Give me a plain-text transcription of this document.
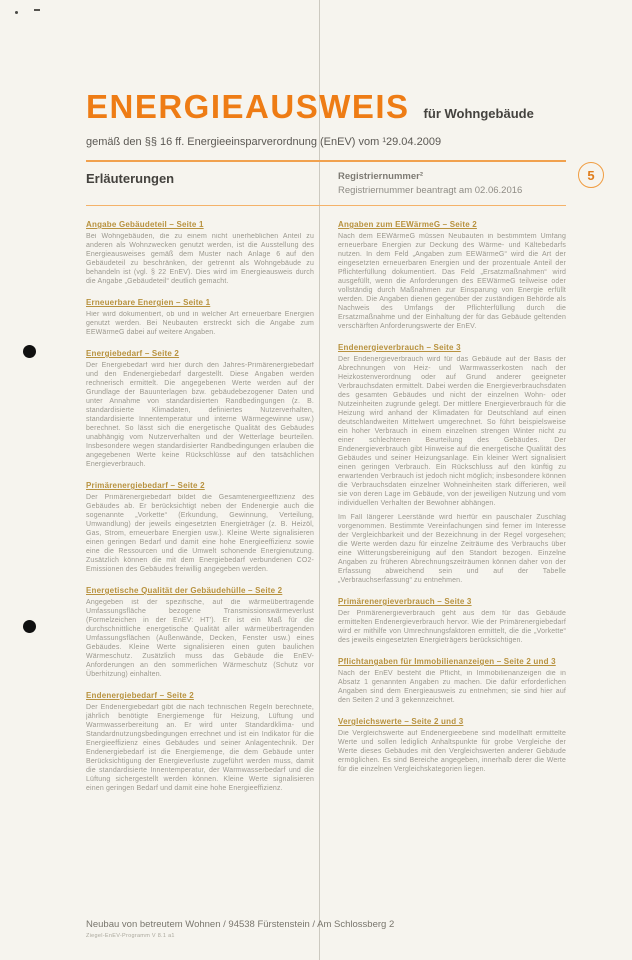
5
ENERGIEAUSWEIS für Wohngebäude
gemäß den §§ 16 ff. Energieeinsparverordnung (EnEV) vom ¹29.04.2009
Erläuterungen	Registriernummer²
Registriernummer beantragt am 02.06.2016
Angabe Gebäudeteil – Seite 1

Bei Wohngebäuden, die zu einem nicht unerheblichen Anteil zu anderen als Wohnzwecken genutzt werden, ist die Ausstellung des Energieausweises gemäß dem Muster nach Anlage 6 auf den Gebäudeteil zu beschränken, der getrennt als Wohngebäude zu behandeln ist (vgl. § 22 EnEV). Dies wird im Energieausweis durch die Angabe „Gebäudeteil“ deutlich gemacht.

Erneuerbare Energien – Seite 1

Hier wird dokumentiert, ob und in welcher Art erneuerbare Energien genutzt werden. Bei Neubauten erstreckt sich die Angabe zum EEWärmeG dabei auf weitere Angaben.

Energiebedarf – Seite 2

Der Energiebedarf wird hier durch den Jahres-Primärenergiebedarf und den Endenergiebedarf dargestellt. Diese Angaben werden rechnerisch ermittelt. Die angegebenen Werte werden auf der Grundlage der Bauunterlagen bzw. gebäudebezogener Daten und unter Annahme von standardisierten Randbedingungen (z. B. standardisierte Klimadaten, definiertes Nutzerverhalten, standardisierte Innentemperatur und interne Wärmegewinne usw.) berechnet. So lässt sich die energetische Qualität des Gebäudes unabhängig vom Nutzerverhalten und der Wetterlage beurteilen. Insbesondere wegen standardisierter Randbedingungen erlauben die angegebenen Werte keine Rückschlüsse auf den tatsächlichen Energieverbrauch.

Primärenergiebedarf – Seite 2

Der Primärenergiebedarf bildet die Gesamtenergieeffizienz des Gebäudes ab. Er berücksichtigt neben der Endenergie auch die sogenannte „Vorkette“ (Erkundung, Gewinnung, Verteilung, Umwandlung) der jeweils eingesetzten Energieträger (z. B. Heizöl, Gas, Strom, erneuerbare Energien usw.). Kleine Werte signalisieren einen geringen Bedarf und damit eine hohe Energieeffizienz sowie eine die Ressourcen und die Umwelt schonende Energienutzung. Zusätzlich können die mit dem Energiebedarf verbundenen CO2-Emissionen des Gebäudes freiwillig angegeben werden.

Energetische Qualität der Gebäudehülle – Seite 2

Angegeben ist der spezifische, auf die wärmeübertragende Umfassungsfläche bezogene Transmissionswärmeverlust (Formelzeichen in der EnEV: HT'). Er ist ein Maß für die durchschnittliche energetische Qualität aller wärmeübertragenden Umfassungsflächen (Außenwände, Decken, Fenster usw.) eines Gebäudes. Kleine Werte signalisieren einen guten baulichen Wärmeschutz. Zusätzlich muss das Gebäude die EnEV-Anforderungen an den sommerlichen Wärmeschutz (Schutz vor Überhitzung) einhalten.

Endenergiebedarf – Seite 2

Der Endenergiebedarf gibt die nach technischen Regeln berechnete, jährlich benötigte Energiemenge für Heizung, Lüftung und Warmwasserbereitung an. Er wird unter Standardklima- und Standardnutzungsbedingungen errechnet und ist ein Indikator für die Energieeffizienz eines Gebäudes und seiner Anlagentechnik. Der Endenergiebedarf ist die Energiemenge, die dem Gebäude unter Berücksichtigung der Energieverluste zugeführt werden muss, damit die standardisierte Innentemperatur, der Warmwasserbedarf und die Lüftung sichergestellt werden können. Kleine Werte signalisieren einen geringen Bedarf und damit eine hohe Energieeffizienz.

Angaben zum EEWärmeG – Seite 2

Nach dem EEWärmeG müssen Neubauten in bestimmtem Umfang erneuerbare Energien zur Deckung des Wärme- und Kältebedarfs nutzen. In dem Feld „Angaben zum EEWärmeG“ wird die Art der eingesetzten erneuerbaren Energien und der prozentuale Anteil der Pflichterfüllung dokumentiert. Das Feld „Ersatzmaßnahmen“ wird ausgefüllt, wenn die Anforderungen des EEWärmeG teilweise oder vollständig durch Maßnahmen zur Einsparung von Energie erfüllt werden. Die Angaben dienen gegenüber der zuständigen Behörde als Nachweis des Umfangs der Pflichterfüllung durch die Ersatzmaßnahme und der Einhaltung der für das Gebäude geltenden verschärften Anforderungswerte der EnEV.

Endenergieverbrauch – Seite 3

Der Endenergieverbrauch wird für das Gebäude auf der Basis der Abrechnungen von Heiz- und Warmwasserkosten nach der Heizkostenverordnung oder auf Grund anderer geeigneter Verbrauchsdaten ermittelt. Dabei werden die Energieverbrauchsdaten des gesamten Gebäudes und nicht der einzelnen Wohn- oder Nutzeinheiten zugrunde gelegt. Der mittlere Energieverbrauch für die Heizung wird anhand der Klimadaten für Deutschland auf einen deutschlandweiten Mittelwert umgerechnet. So führt beispielsweise ein hoher Verbrauch in einem einzelnen strengen Winter nicht zu einer schlechteren Beurteilung des Gebäudes. Der Endenergieverbrauch gibt Hinweise auf die energetische Qualität des Gebäudes und seiner Heizungsanlage. Ein kleiner Wert signalisiert einen geringen Verbrauch. Ein Rückschluss auf den künftig zu erwartenden Verbrauch ist jedoch nicht möglich; insbesondere können die Verbrauchsdaten einzelner Wohneinheiten stark differieren, weil sie von deren Lage im Gebäude, von der jeweiligen Nutzung und vom individuellen Verhalten der Bewohner abhängen.

Im Fall längerer Leerstände wird hierfür ein pauschaler Zuschlag vorgenommen. Bestimmte Vereinfachungen sind ferner im Interesse der Vergleichbarkeit und der Bezeichnung in der Regel vorgesehen; die Werte werden dazu für einzelne Zeiträume des Verbrauchs über eine Witterungsbereinigung auf den Standort bezogen. Einzelne Angaben zu früheren Abrechnungszeiträumen können daher von der Erfassung abweichend sein und auf der Tabelle „Verbrauchserfassung“ zu entnehmen.

Primärenergieverbrauch – Seite 3

Der Primärenergieverbrauch geht aus dem für das Gebäude ermittelten Endenergieverbrauch hervor. Wie der Primärenergiebedarf wird er mithilfe von Umrechnungsfaktoren ermittelt, die die „Vorkette“ des jeweils eingesetzten Energieträgers berücksichtigen.

Pflichtangaben für Immobilienanzeigen – Seite 2 und 3

Nach der EnEV besteht die Pflicht, in Immobilienanzeigen die in Absatz 1 genannten Angaben zu machen. Die dafür erforderlichen Angaben sind dem Energieausweis zu entnehmen; sie sind hier auf den Seiten 2 und 3 gekennzeichnet.

Vergleichswerte – Seite 2 und 3

Die Vergleichswerte auf Endenergieebene sind modellhaft ermittelte Werte und sollen lediglich Anhaltspunkte für grobe Vergleiche der Werte dieses Gebäudes mit den Vergleichswerten anderer Gebäude ermöglichen. Es sind Bereiche angegeben, innerhalb derer die Werte für die einzelnen Vergleichskategorien liegen.

Neubau von betreutem Wohnen / 94538 Fürstenstein / Am Schlossberg 2
Ziegel-EnEV-Programm V 8.1 a1
